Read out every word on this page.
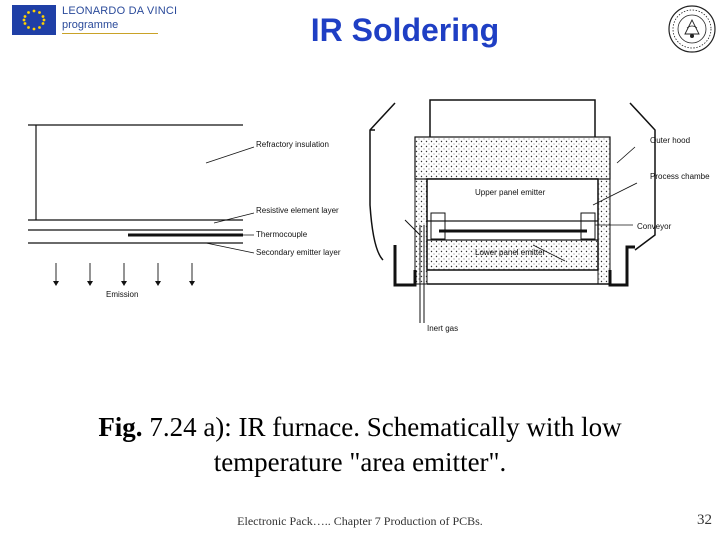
LEONARDO DA VINCI
programme	IR Soldering
Refractory insulation
Resistive element layer
Thermocouple
Secondary emitter layer
Emission
Outer hood
Process chamber
Upper panel emitter
Conveyor
Lower panel emitter
Inert gas
Fig. 7.24 a): IR furnace. Schematically with low
temperature "area emitter".
Electronic Pack….. Chapter 7 Production of PCBs.	32
